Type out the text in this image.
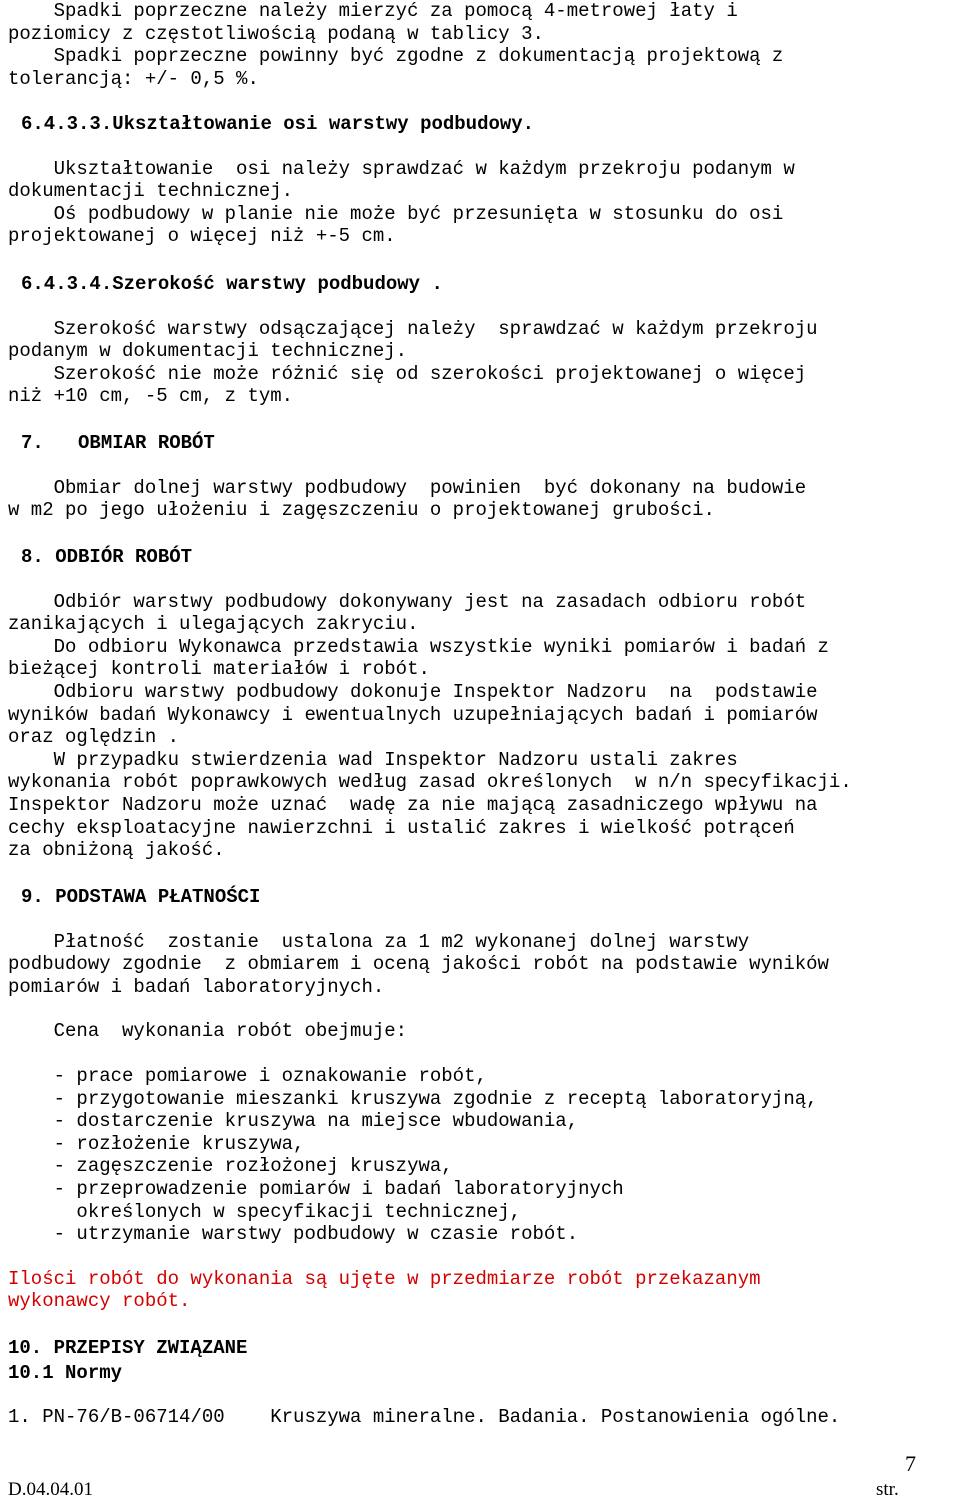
Spadki poprzeczne należy mierzyć za pomocą 4-metrowej łaty i
poziomicy z częstotliwością podaną w tablicy 3.
Spadki poprzeczne powinny być zgodne z dokumentacją projektową z
tolerancją: +/- 0,5 %.
6.4.3.3.Ukształtowanie osi warstwy podbudowy.

Ukształtowanie  osi należy sprawdzać w każdym przekroju podanym w
dokumentacji technicznej.
Oś podbudowy w planie nie może być przesunięta w stosunku do osi
projektowanej o więcej niż +-5 cm.
6.4.3.4.Szerokość warstwy podbudowy .

Szerokość warstwy odsączającej należy  sprawdzać w każdym przekroju
podanym w dokumentacji technicznej.
Szerokość nie może różnić się od szerokości projektowanej o więcej
niż +10 cm, -5 cm, z tym.
7.   OBMIAR ROBÓT

Obmiar dolnej warstwy podbudowy  powinien  być dokonany na budowie
w m2 po jego ułożeniu i zagęszczeniu o projektowanej grubości.
8. ODBIÓR ROBÓT

Odbiór warstwy podbudowy dokonywany jest na zasadach odbioru robót
zanikających i ulegających zakryciu.
Do odbioru Wykonawca przedstawia wszystkie wyniki pomiarów i badań z
bieżącej kontroli materiałów i robót.
Odbioru warstwy podbudowy dokonuje Inspektor Nadzoru  na  podstawie
wyników badań Wykonawcy i ewentualnych uzupełniających badań i pomiarów
oraz oględzin .
W przypadku stwierdzenia wad Inspektor Nadzoru ustali zakres
wykonania robót poprawkowych według zasad określonych  w n/n specyfikacji.
Inspektor Nadzoru może uznać  wadę za nie mającą zasadniczego wpływu na
cechy eksploatacyjne nawierzchni i ustalić zakres i wielkość potrąceń
za obniżoną jakość.
9. PODSTAWA PŁATNOŚCI

Płatność  zostanie  ustalona za 1 m2 wykonanej dolnej warstwy
podbudowy zgodnie  z obmiarem i oceną jakości robót na podstawie wyników
pomiarów i badań laboratoryjnych.

Cena  wykonania robót obejmuje:

- prace pomiarowe i oznakowanie robót,
- przygotowanie mieszanki kruszywa zgodnie z receptą laboratoryjną,
- dostarczenie kruszywa na miejsce wbudowania,
- rozłożenie kruszywa,
- zagęszczenie rozłożonej kruszywa,
- przeprowadzenie pomiarów i badań laboratoryjnych
określonych w specyfikacji technicznej,
- utrzymanie warstwy podbudowy w czasie robót.

Ilości robót do wykonania są ujęte w przedmiarze robót przekazanym
wykonawcy robót.
10. PRZEPISY ZWIĄZANE
10.1 Normy

1. PN-76/B-06714/00    Kruszywa mineralne. Badania. Postanowienia ogólne.
7
D.04.04.01	str.
